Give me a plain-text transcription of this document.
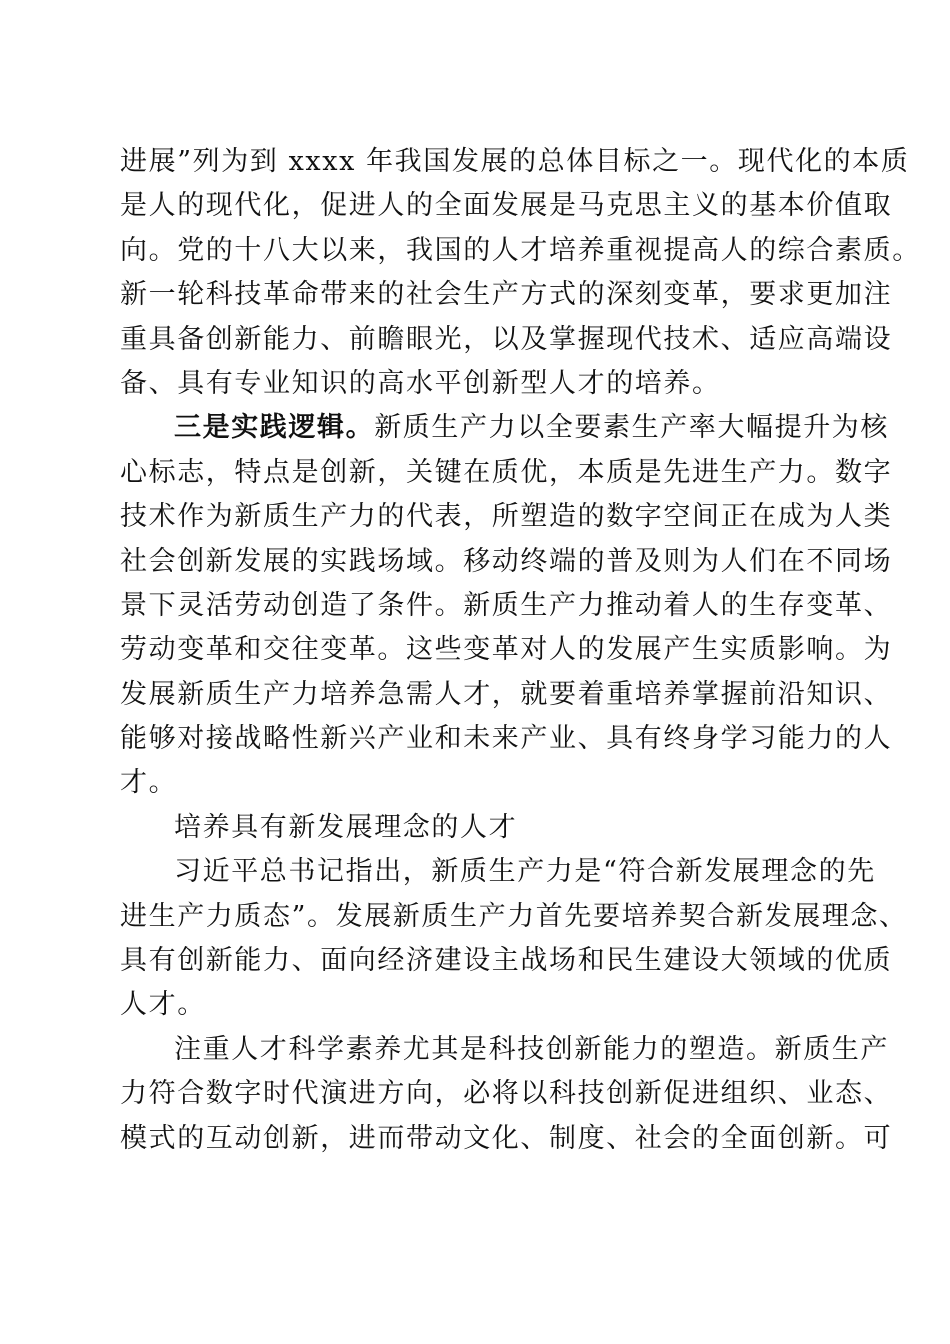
进展”列为到 xxxx 年我国发展的总体目标之一。现代化的本质
是人的现代化，促进人的全面发展是马克思主义的基本价值取
向。党的十八大以来，我国的人才培养重视提高人的综合素质。
新一轮科技革命带来的社会生产方式的深刻变革，要求更加注
重具备创新能力、前瞻眼光，以及掌握现代技术、适应高端设
备、具有专业知识的高水平创新型人才的培养。
三是实践逻辑。新质生产力以全要素生产率大幅提升为核
心标志，特点是创新，关键在质优，本质是先进生产力。数字
技术作为新质生产力的代表，所塑造的数字空间正在成为人类
社会创新发展的实践场域。移动终端的普及则为人们在不同场
景下灵活劳动创造了条件。新质生产力推动着人的生存变革、
劳动变革和交往变革。这些变革对人的发展产生实质影响。为
发展新质生产力培养急需人才，就要着重培养掌握前沿知识、
能够对接战略性新兴产业和未来产业、具有终身学习能力的人
才。
培养具有新发展理念的人才
习近平总书记指出，新质生产力是“符合新发展理念的先
进生产力质态”。发展新质生产力首先要培养契合新发展理念、
具有创新能力、面向经济建设主战场和民生建设大领域的优质
人才。
注重人才科学素养尤其是科技创新能力的塑造。新质生产
力符合数字时代演进方向，必将以科技创新促进组织、业态、
模式的互动创新，进而带动文化、制度、社会的全面创新。可
